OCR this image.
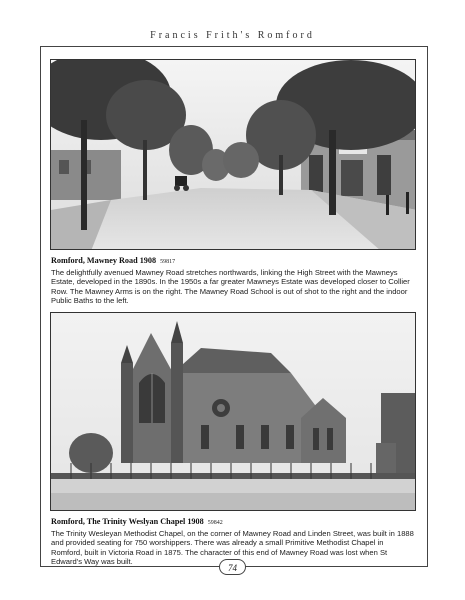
Francis Frith's Romford
Romford, Mawney Road 1908 59817
The delightfully avenued Mawney Road stretches northwards, linking the High Street with the Mawneys Estate, developed in the 1890s. In the 1950s a far greater Mawneys Estate was developed closer to Collier Row. The Mawney Arms is on the right. The Mawney Road School is out of shot to the right and the indoor Public Baths to the left.
Romford, The Trinity Weslyan Chapel 1908 59842
The Trinity Wesleyan Methodist Chapel, on the corner of Mawney Road and Linden Street, was built in 1888 and provided seating for 750 worshippers. There was already a small Primitive Methodist Chapel in Romford, built in Victoria Road in 1875. The character of this end of Mawney Road was lost when St Edward's Way was built.
74
